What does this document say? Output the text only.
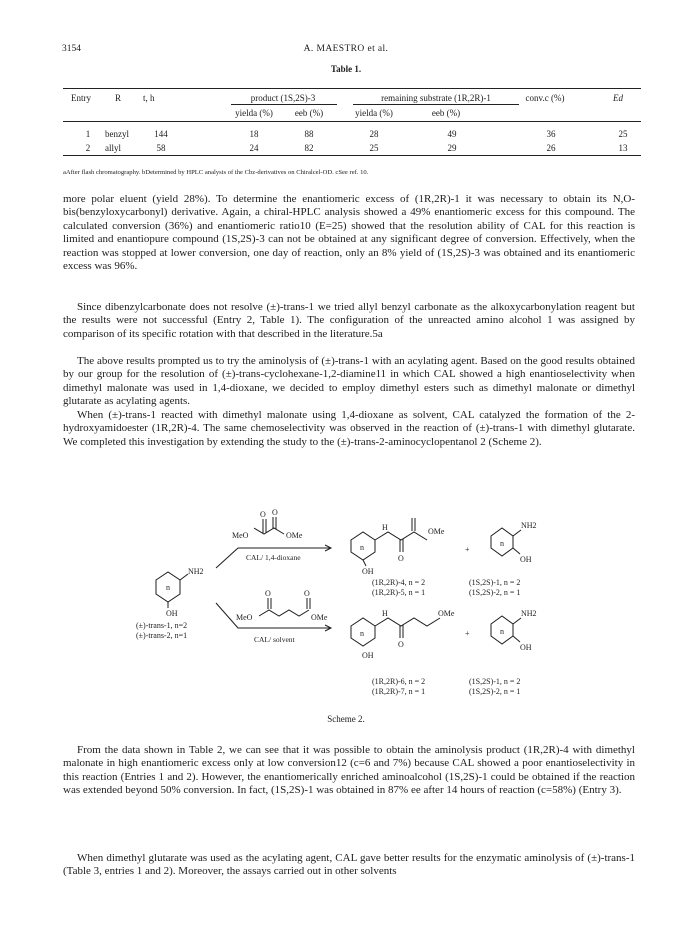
3154	A. MAESTRO et al.
Table 1.
Entry	R t, h	product (1S,2S)-3	remaining substrate (1R,2R)-1	conv.c (%)	Ed
yielda (%) eeb (%)	yielda (%)	eeb (%)
1 benzyl	144	18	88	28	49	36	25
2 allyl	58	24	82	25	29	26	13
aAfter flash chromatography. bDetermined by HPLC analysis of the Cbz-derivatives on Chiralcel-OD. cSee ref. 10.

more polar eluent (yield 28%). To determine the enantiomeric excess of (1R,2R)-1 it was necessary to obtain its N,O-bis(benzyloxycarbonyl) derivative. Again, a chiral-HPLC analysis showed a 49% enantiomeric excess for this compound. The calculated conversion (36%) and enantiomeric ratio10 (E=25) showed that the resolution ability of CAL for this reaction is limited and enantiopure compound (1S,2S)-3 can not be obtained at any significant degree of conversion. Effectively, when the reaction was stopped at lower conversion, one day of reaction, only an 8% yield of (1S,2S)-3 was obtained and its enantiomeric excess was 96%.

Since dibenzylcarbonate does not resolve (±)-trans-1 we tried allyl benzyl carbonate as the alkoxycarbonylation reagent but the results were not successful (Entry 2, Table 1). The configuration of the unreacted amino alcohol 1 was assigned by comparison of its specific rotation with that described in the literature.5a

The above results prompted us to try the aminolysis of (±)-trans-1 with an acylating agent. Based on the good results obtained by our group for the resolution of (±)-trans-cyclohexane-1,2-diamine11 in which CAL showed a high enantioselectivity when dimethyl malonate was used in 1,4-dioxane, we decided to employ dimethyl esters such as dimethyl malonate or dimethyl glutarate as acylating agents.

When (±)-trans-1 reacted with dimethyl malonate using 1,4-dioxane as solvent, CAL catalyzed the formation of the 2-hydroxyamidoester (1R,2R)-4. The same chemoselectivity was observed in the reaction of (±)-trans-1 with dimethyl glutarate. We completed this investigation by extending the study to the (±)-trans-2-aminocyclopentanol 2 (Scheme 2).

MeO	OMe
O O
CAL/ 1,4-dioxane
H	OMe
n
OH
O
+
NH2
n
OH
(1R,2R)-4, n = 2
(1R,2R)-5, n = 1
(1S,2S)-1, n = 2
(1S,2S)-2, n = 1
NH2
n
OH
(±)-trans-1, n=2
(±)-trans-2, n=1
MeO	OMe
O	O
CAL/ solvent
H	OMe
n
OH
O
+
NH2
n
OH
(1R,2R)-6, n = 2
(1R,2R)-7, n = 1
(1S,2S)-1, n = 2
(1S,2S)-2, n = 1
Scheme 2.

From the data shown in Table 2, we can see that it was possible to obtain the aminolysis product (1R,2R)-4 with dimethyl malonate in high enantiomeric excess only at low conversion12 (c=6 and 7%) because CAL showed a poor enantioselectivity in this reaction (Entries 1 and 2). However, the enantiomerically enriched aminoalcohol (1S,2S)-1 could be obtained if the reaction was extended beyond 50% conversion. In fact, (1S,2S)-1 was obtained in 87% ee after 14 hours of reaction (c=58%) (Entry 3).

When dimethyl glutarate was used as the acylating agent, CAL gave better results for the enzymatic aminolysis of (±)-trans-1 (Table 3, entries 1 and 2). Moreover, the assays carried out in other solvents
